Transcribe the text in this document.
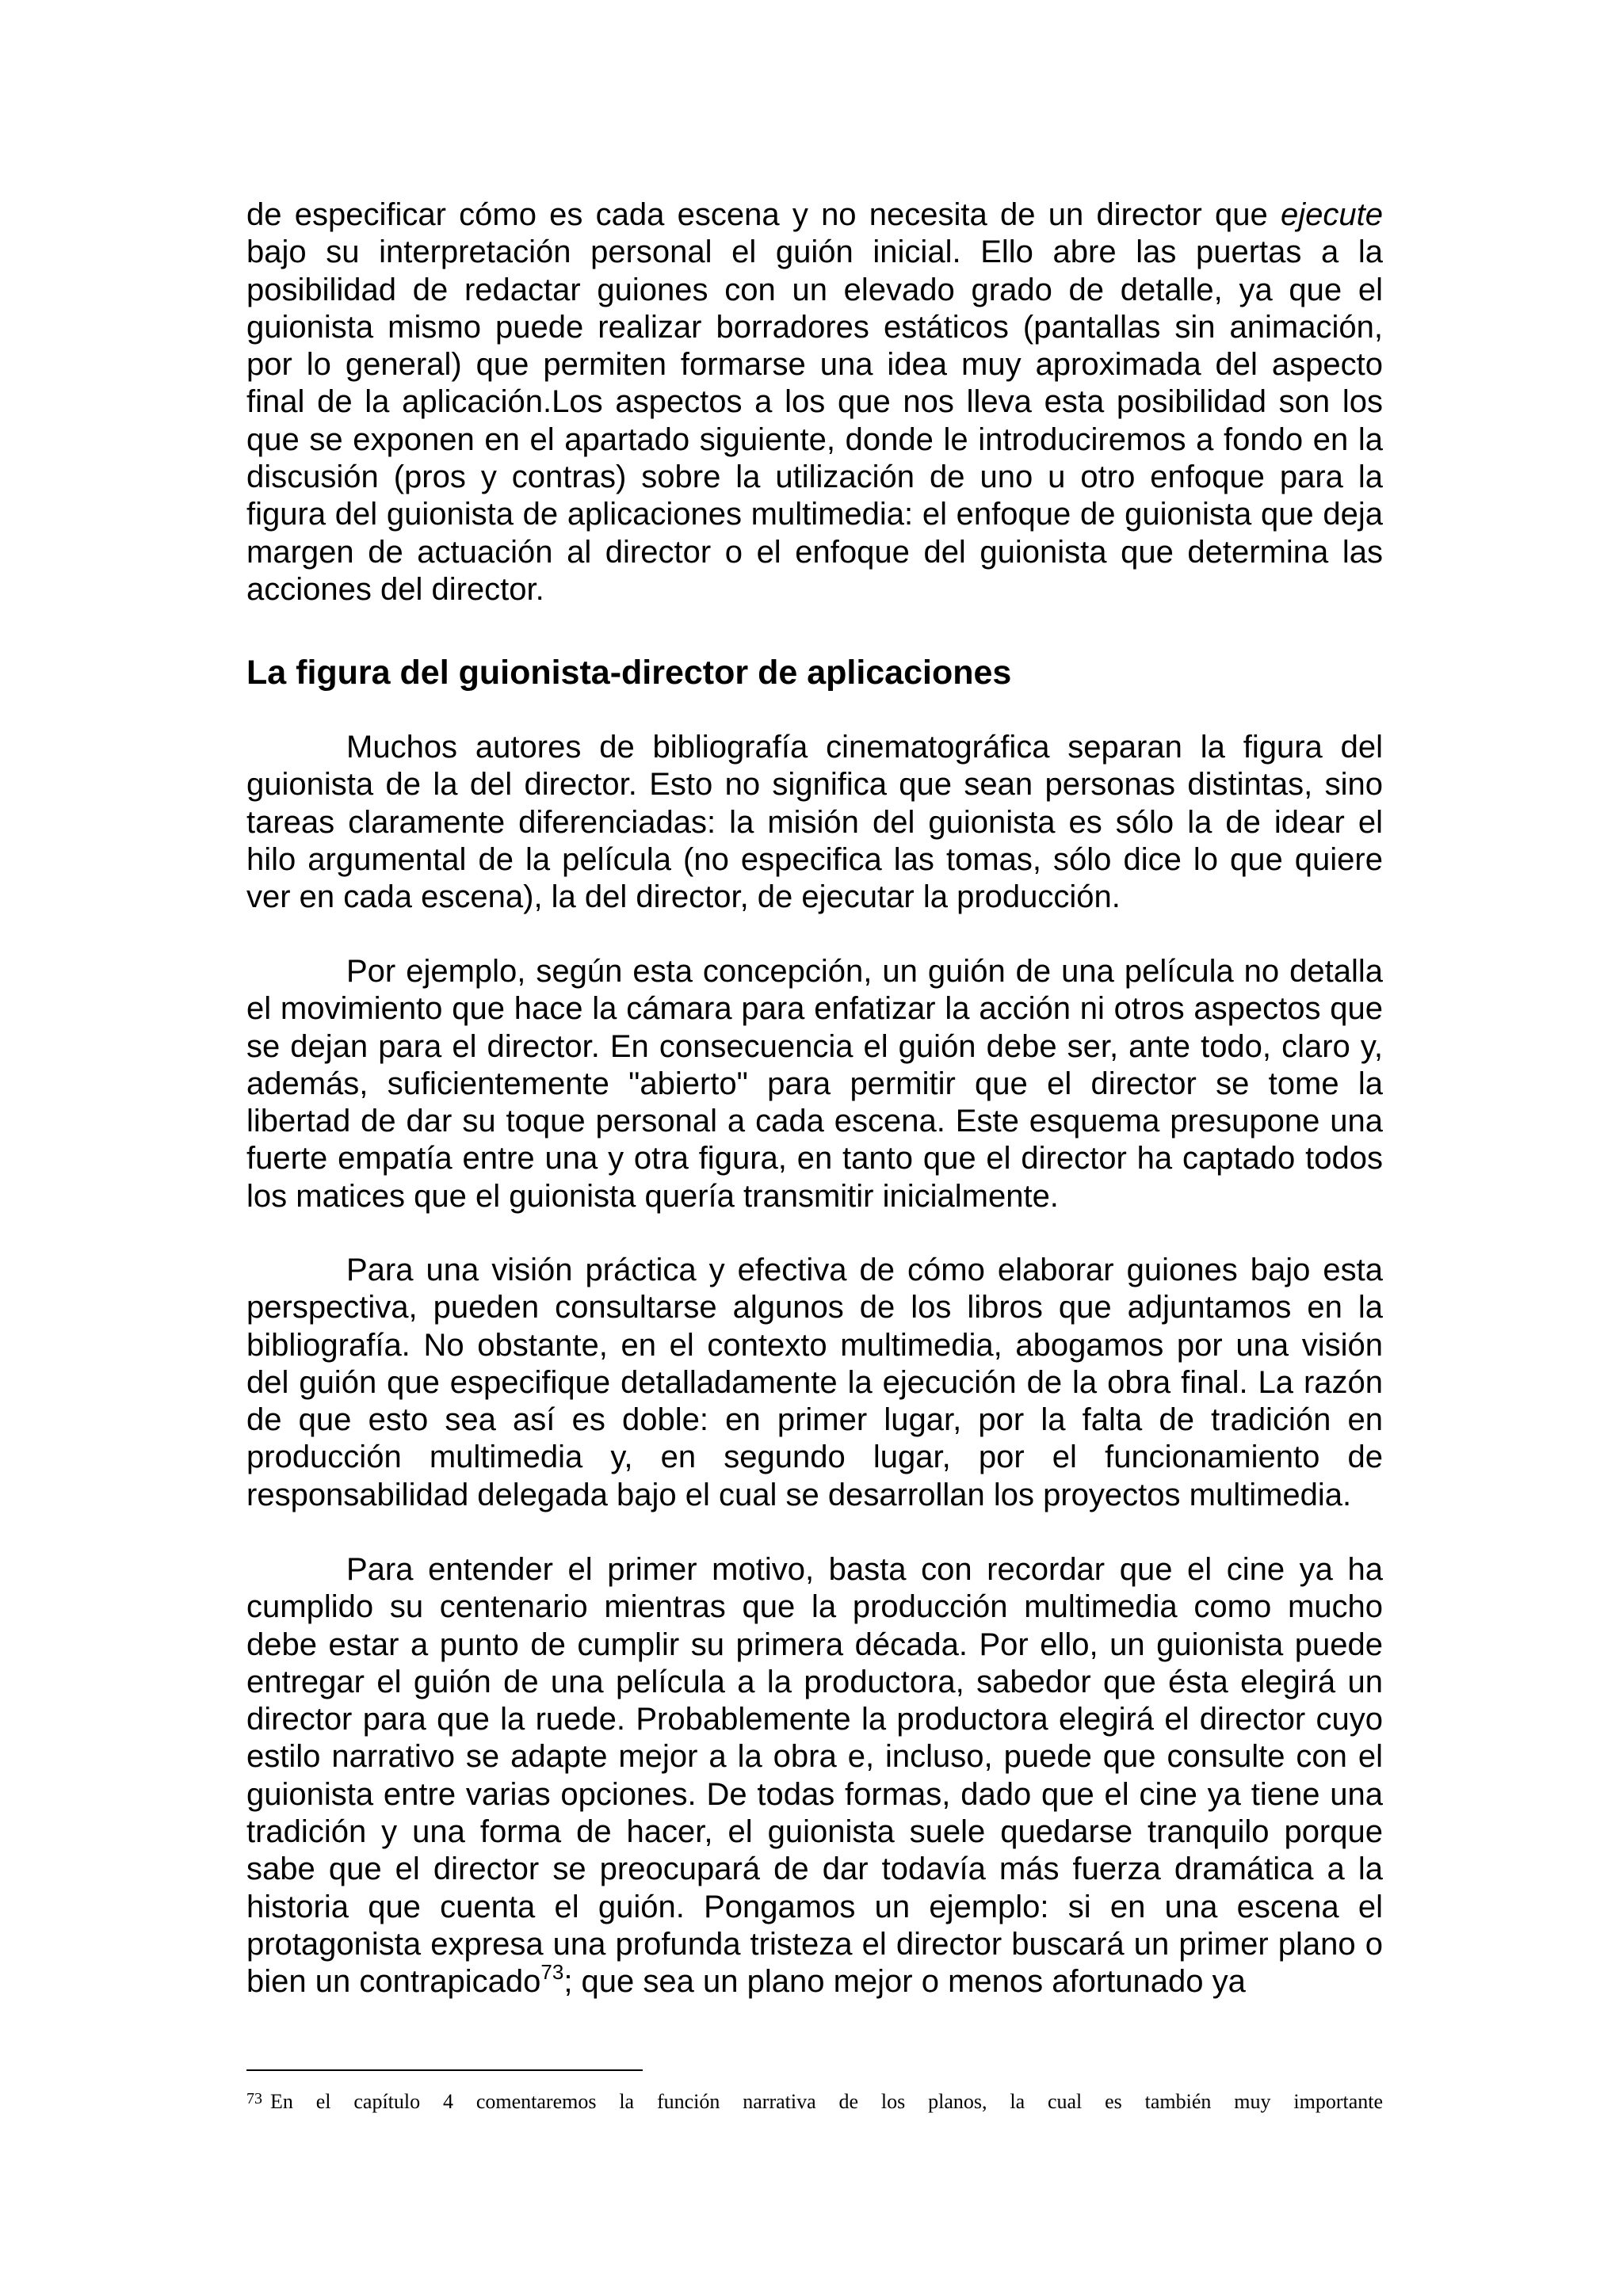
de especificar cómo es cada escena y no necesita de un director que ejecute bajo su interpretación personal el guión inicial. Ello abre las puertas a la posibilidad de redactar guiones con un elevado grado de detalle, ya que el guionista mismo puede realizar borradores estáticos (pantallas sin animación, por lo general) que permiten formarse una idea muy aproximada del aspecto final de la aplicación.Los aspectos a los que nos lleva esta posibilidad son los que se exponen en el apartado siguiente, donde le introduciremos a fondo en la discusión (pros y contras) sobre la utilización de uno u otro enfoque para la figura del guionista de aplicaciones multimedia: el enfoque de guionista que deja margen de actuación al director o el enfoque del guionista que determina las acciones del director.

La figura del guionista-director de aplicaciones

Muchos autores de bibliografía cinematográfica separan la figura del guionista de la del director. Esto no significa que sean personas distintas, sino tareas claramente diferenciadas: la misión del guionista es sólo la de idear el hilo argumental de la película (no especifica las tomas, sólo dice lo que quiere ver en cada escena), la del director, de ejecutar la producción.

Por ejemplo, según esta concepción, un guión de una película no detalla el movimiento que hace la cámara para enfatizar la acción ni otros aspectos que se dejan para el director. En consecuencia el guión debe ser, ante todo, claro y, además, suficientemente "abierto" para permitir que el director se tome la libertad de dar su toque personal a cada escena. Este esquema presupone una fuerte empatía entre una y otra figura, en tanto que el director ha captado todos los matices que el guionista quería transmitir inicialmente.

Para una visión práctica y efectiva de cómo elaborar guiones bajo esta perspectiva, pueden consultarse algunos de los libros que adjuntamos en la bibliografía. No obstante, en el contexto multimedia, abogamos por una visión del guión que especifique detalladamente la ejecución de la obra final. La razón de que esto sea así es doble: en primer lugar, por la falta de tradición en producción multimedia y, en segundo lugar, por el funcionamiento de responsabilidad delegada bajo el cual se desarrollan los proyectos multimedia.

Para entender el primer motivo, basta con recordar que el cine ya ha cumplido su centenario mientras que la producción multimedia como mucho debe estar a punto de cumplir su primera década. Por ello, un guionista puede entregar el guión de una película a la productora, sabedor que ésta elegirá un director para que la ruede. Probablemente la productora elegirá el director cuyo estilo narrativo se adapte mejor a la obra e, incluso, puede que consulte con el guionista entre varias opciones. De todas formas, dado que el cine ya tiene una tradición y una forma de hacer, el guionista suele quedarse tranquilo porque sabe que el director se preocupará de dar todavía más fuerza dramática a la historia que cuenta el guión. Pongamos un ejemplo: si en una escena el protagonista expresa una profunda tristeza el director buscará un primer plano o bien un contrapicado$^{73}$; que sea un plano mejor o menos afortunado ya

$^{73}$ En el capítulo 4 comentaremos la función narrativa de los planos, la cual es también muy importante
